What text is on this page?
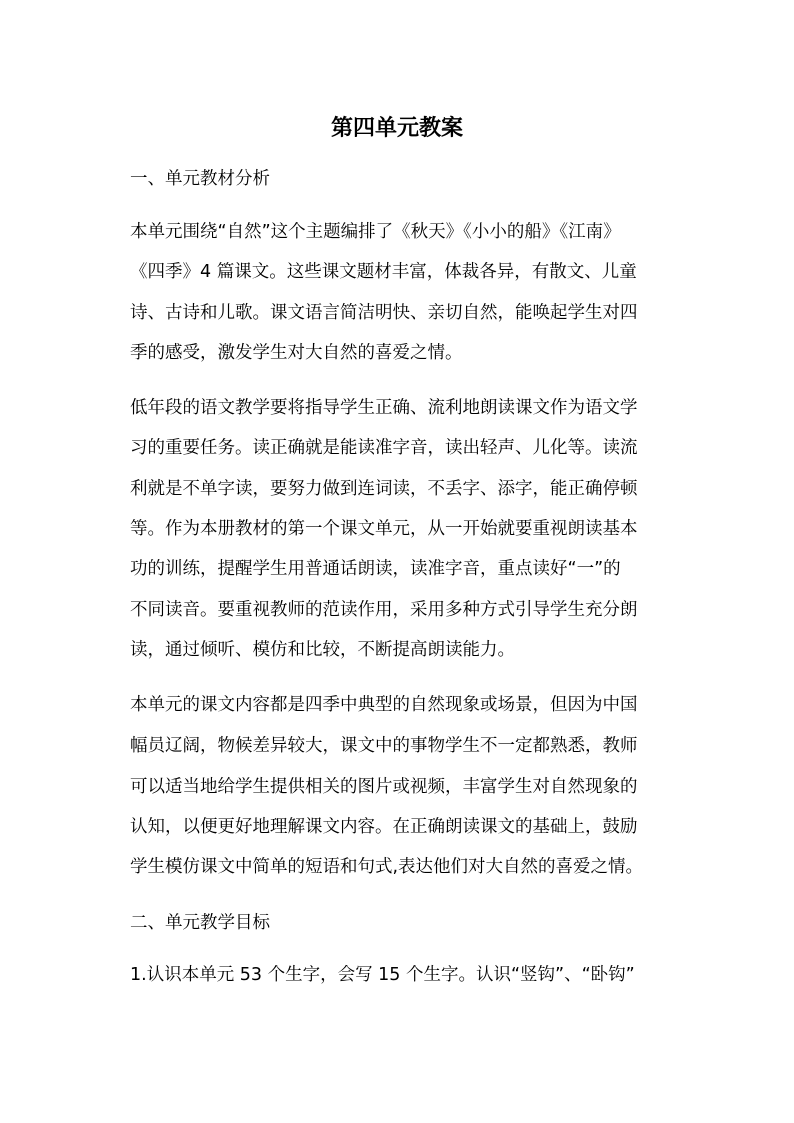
第四单元教案
一、单元教材分析
本单元围绕“自然”这个主题编排了《秋天》《小小的船》《江南》
《四季》4 篇课文。这些课文题材丰富，体裁各异，有散文、儿童
诗、古诗和儿歌。课文语言简洁明快、亲切自然，能唤起学生对四
季的感受，激发学生对大自然的喜爱之情。
低年段的语文教学要将指导学生正确、流利地朗读课文作为语文学
习的重要任务。读正确就是能读准字音，读出轻声、儿化等。读流
利就是不单字读，要努力做到连词读，不丢字、添字，能正确停顿
等。作为本册教材的第一个课文单元，从一开始就要重视朗读基本
功的训练，提醒学生用普通话朗读，读准字音，重点读好“一”的
不同读音。要重视教师的范读作用，采用多种方式引导学生充分朗
读，通过倾听、模仿和比较，不断提高朗读能力。
本单元的课文内容都是四季中典型的自然现象或场景，但因为中国
幅员辽阔，物候差异较大，课文中的事物学生不一定都熟悉，教师
可以适当地给学生提供相关的图片或视频，丰富学生对自然现象的
认知，以便更好地理解课文内容。在正确朗读课文的基础上，鼓励
学生模仿课文中简单的短语和句式,表达他们对大自然的喜爱之情。
二、单元教学目标
1.认识本单元 53 个生字，会写 15 个生字。认识“竖钩”、“卧钩”
